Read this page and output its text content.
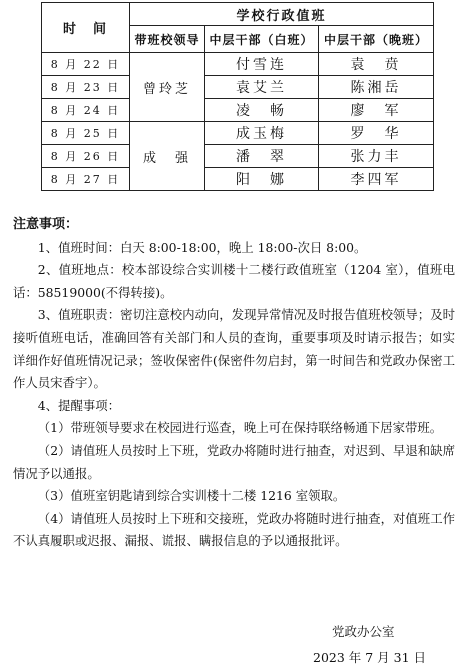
时　间	学校行政值班		
	带班校领导	中层干部（白班）	中层干部（晚班）
8 月 22 日	曾玲芝	付雪连	袁　贲
8 月 23 日		袁艾兰	陈湘岳
8 月 24 日		凌　畅	廖　军
8 月 25 日	成　强	成玉梅	罗　华
8 月 26 日		潘　翠	张力丰
8 月 27 日		阳　娜	李四军

注意事项：

1、值班时间：白天 8:00-18:00，晚上 18:00-次日 8:00。

2、值班地点：校本部设综合实训楼十二楼行政值班室（1204 室），值班电话：58519000(不得转接)。

3、值班职责：密切注意校内动向，发现异常情况及时报告值班校领导；及时接听值班电话，准确回答有关部门和人员的查询，重要事项及时请示报告；如实详细作好值班情况记录；签收保密件(保密件勿启封，第一时间告和党政办保密工作人员宋香宇）。

4、提醒事项：

（1）带班领导要求在校园进行巡查，晚上可在保持联络畅通下居家带班。

（2）请值班人员按时上下班，党政办将随时进行抽查，对迟到、早退和缺席情况予以通报。

（3）值班室钥匙请到综合实训楼十二楼 1216 室领取。

（4）请值班人员按时上下班和交接班，党政办将随时进行抽查，对值班工作不认真履职或迟报、漏报、谎报、瞒报信息的予以通报批评。

党政办公室
2023 年 7 月 31 日
